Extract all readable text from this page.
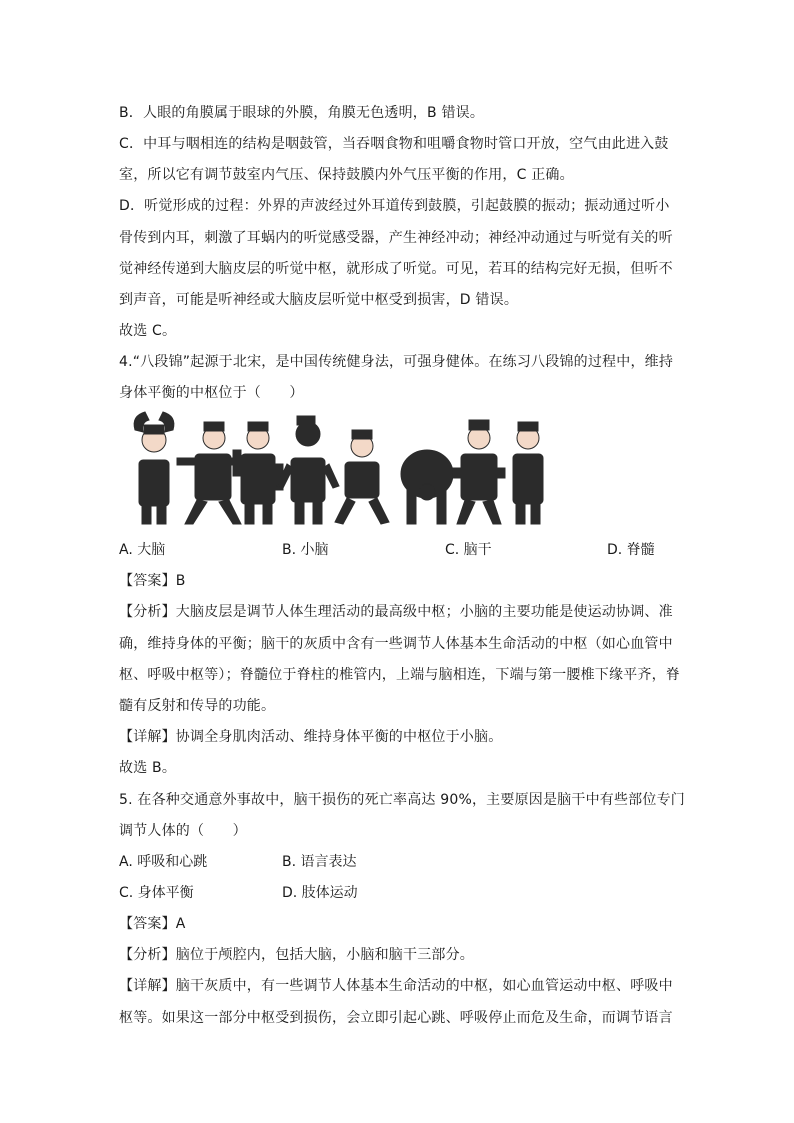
B．人眼的角膜属于眼球的外膜，角膜无色透明，B 错误。
C．中耳与咽相连的结构是咽鼓管，当吞咽食物和咀嚼食物时管口开放，空气由此进入鼓
室，所以它有调节鼓室内气压、保持鼓膜内外气压平衡的作用，C 正确。
D．听觉形成的过程：外界的声波经过外耳道传到鼓膜，引起鼓膜的振动；振动通过听小
骨传到内耳，刺激了耳蜗内的听觉感受器，产生神经冲动；神经冲动通过与听觉有关的听
觉神经传递到大脑皮层的听觉中枢，就形成了听觉。可见，若耳的结构完好无损，但听不
到声音，可能是听神经或大脑皮层听觉中枢受到损害，D 错误。
故选 C。
4.“八段锦”起源于北宋，是中国传统健身法，可强身健体。在练习八段锦的过程中，维持
身体平衡的中枢位于（　　）
A. 大脑	B. 小脑	C. 脑干	D. 脊髓
【答案】B
【分析】大脑皮层是调节人体生理活动的最高级中枢；小脑的主要功能是使运动协调、准
确，维持身体的平衡；脑干的灰质中含有一些调节人体基本生命活动的中枢（如心血管中
枢、呼吸中枢等）；脊髓位于脊柱的椎管内，上端与脑相连，下端与第一腰椎下缘平齐，脊
髓有反射和传导的功能。
【详解】协调全身肌肉活动、维持身体平衡的中枢位于小脑。
故选 B。
5. 在各种交通意外事故中，脑干损伤的死亡率高达 90%，主要原因是脑干中有些部位专门
调节人体的（　　）
A. 呼吸和心跳	B. 语言表达
C. 身体平衡	D. 肢体运动
【答案】A
【分析】脑位于颅腔内，包括大脑，小脑和脑干三部分。
【详解】脑干灰质中，有一些调节人体基本生命活动的中枢，如心血管运动中枢、呼吸中
枢等。如果这一部分中枢受到损伤，会立即引起心跳、呼吸停止而危及生命，而调节语言
